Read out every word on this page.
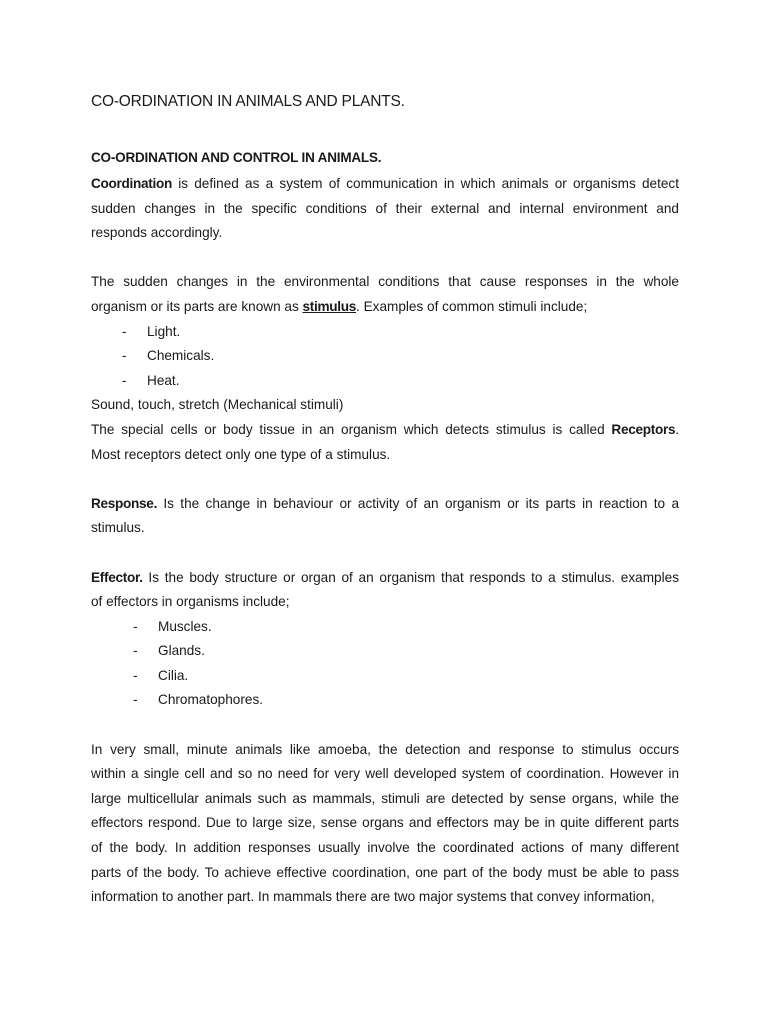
CO-ORDINATION IN ANIMALS AND PLANTS.
CO-ORDINATION AND CONTROL IN ANIMALS.
Coordination is defined as a system of communication in which animals or organisms detect
sudden changes in the specific conditions of their external and internal environment and
responds accordingly.
The sudden changes in the environmental conditions that cause responses in the whole
organism or its parts are known as stimulus. Examples of common stimuli include;
-	Light.
-	Chemicals.
-	Heat.
Sound, touch, stretch (Mechanical stimuli)
The special cells or body tissue in an organism which detects stimulus is called Receptors.
Most receptors detect only one type of a stimulus.
Response. Is the change in behaviour or activity of an organism or its parts in reaction to a
stimulus.
Effector. Is the body structure or organ of an organism that responds to a stimulus. examples
of effectors in organisms include;
-	Muscles.
-	Glands.
-	Cilia.
-	Chromatophores.
In very small, minute animals like amoeba, the detection and response to stimulus occurs
within a single cell and so no need for very well developed system of coordination. However in
large multicellular animals such as mammals, stimuli are detected by sense organs, while the
effectors respond. Due to large size, sense organs and effectors may be in quite different parts
of the body. In addition responses usually involve the coordinated actions of many different
parts of the body. To achieve effective coordination, one part of the body must be able to pass
information to another part. In mammals there are two major systems that convey information,
